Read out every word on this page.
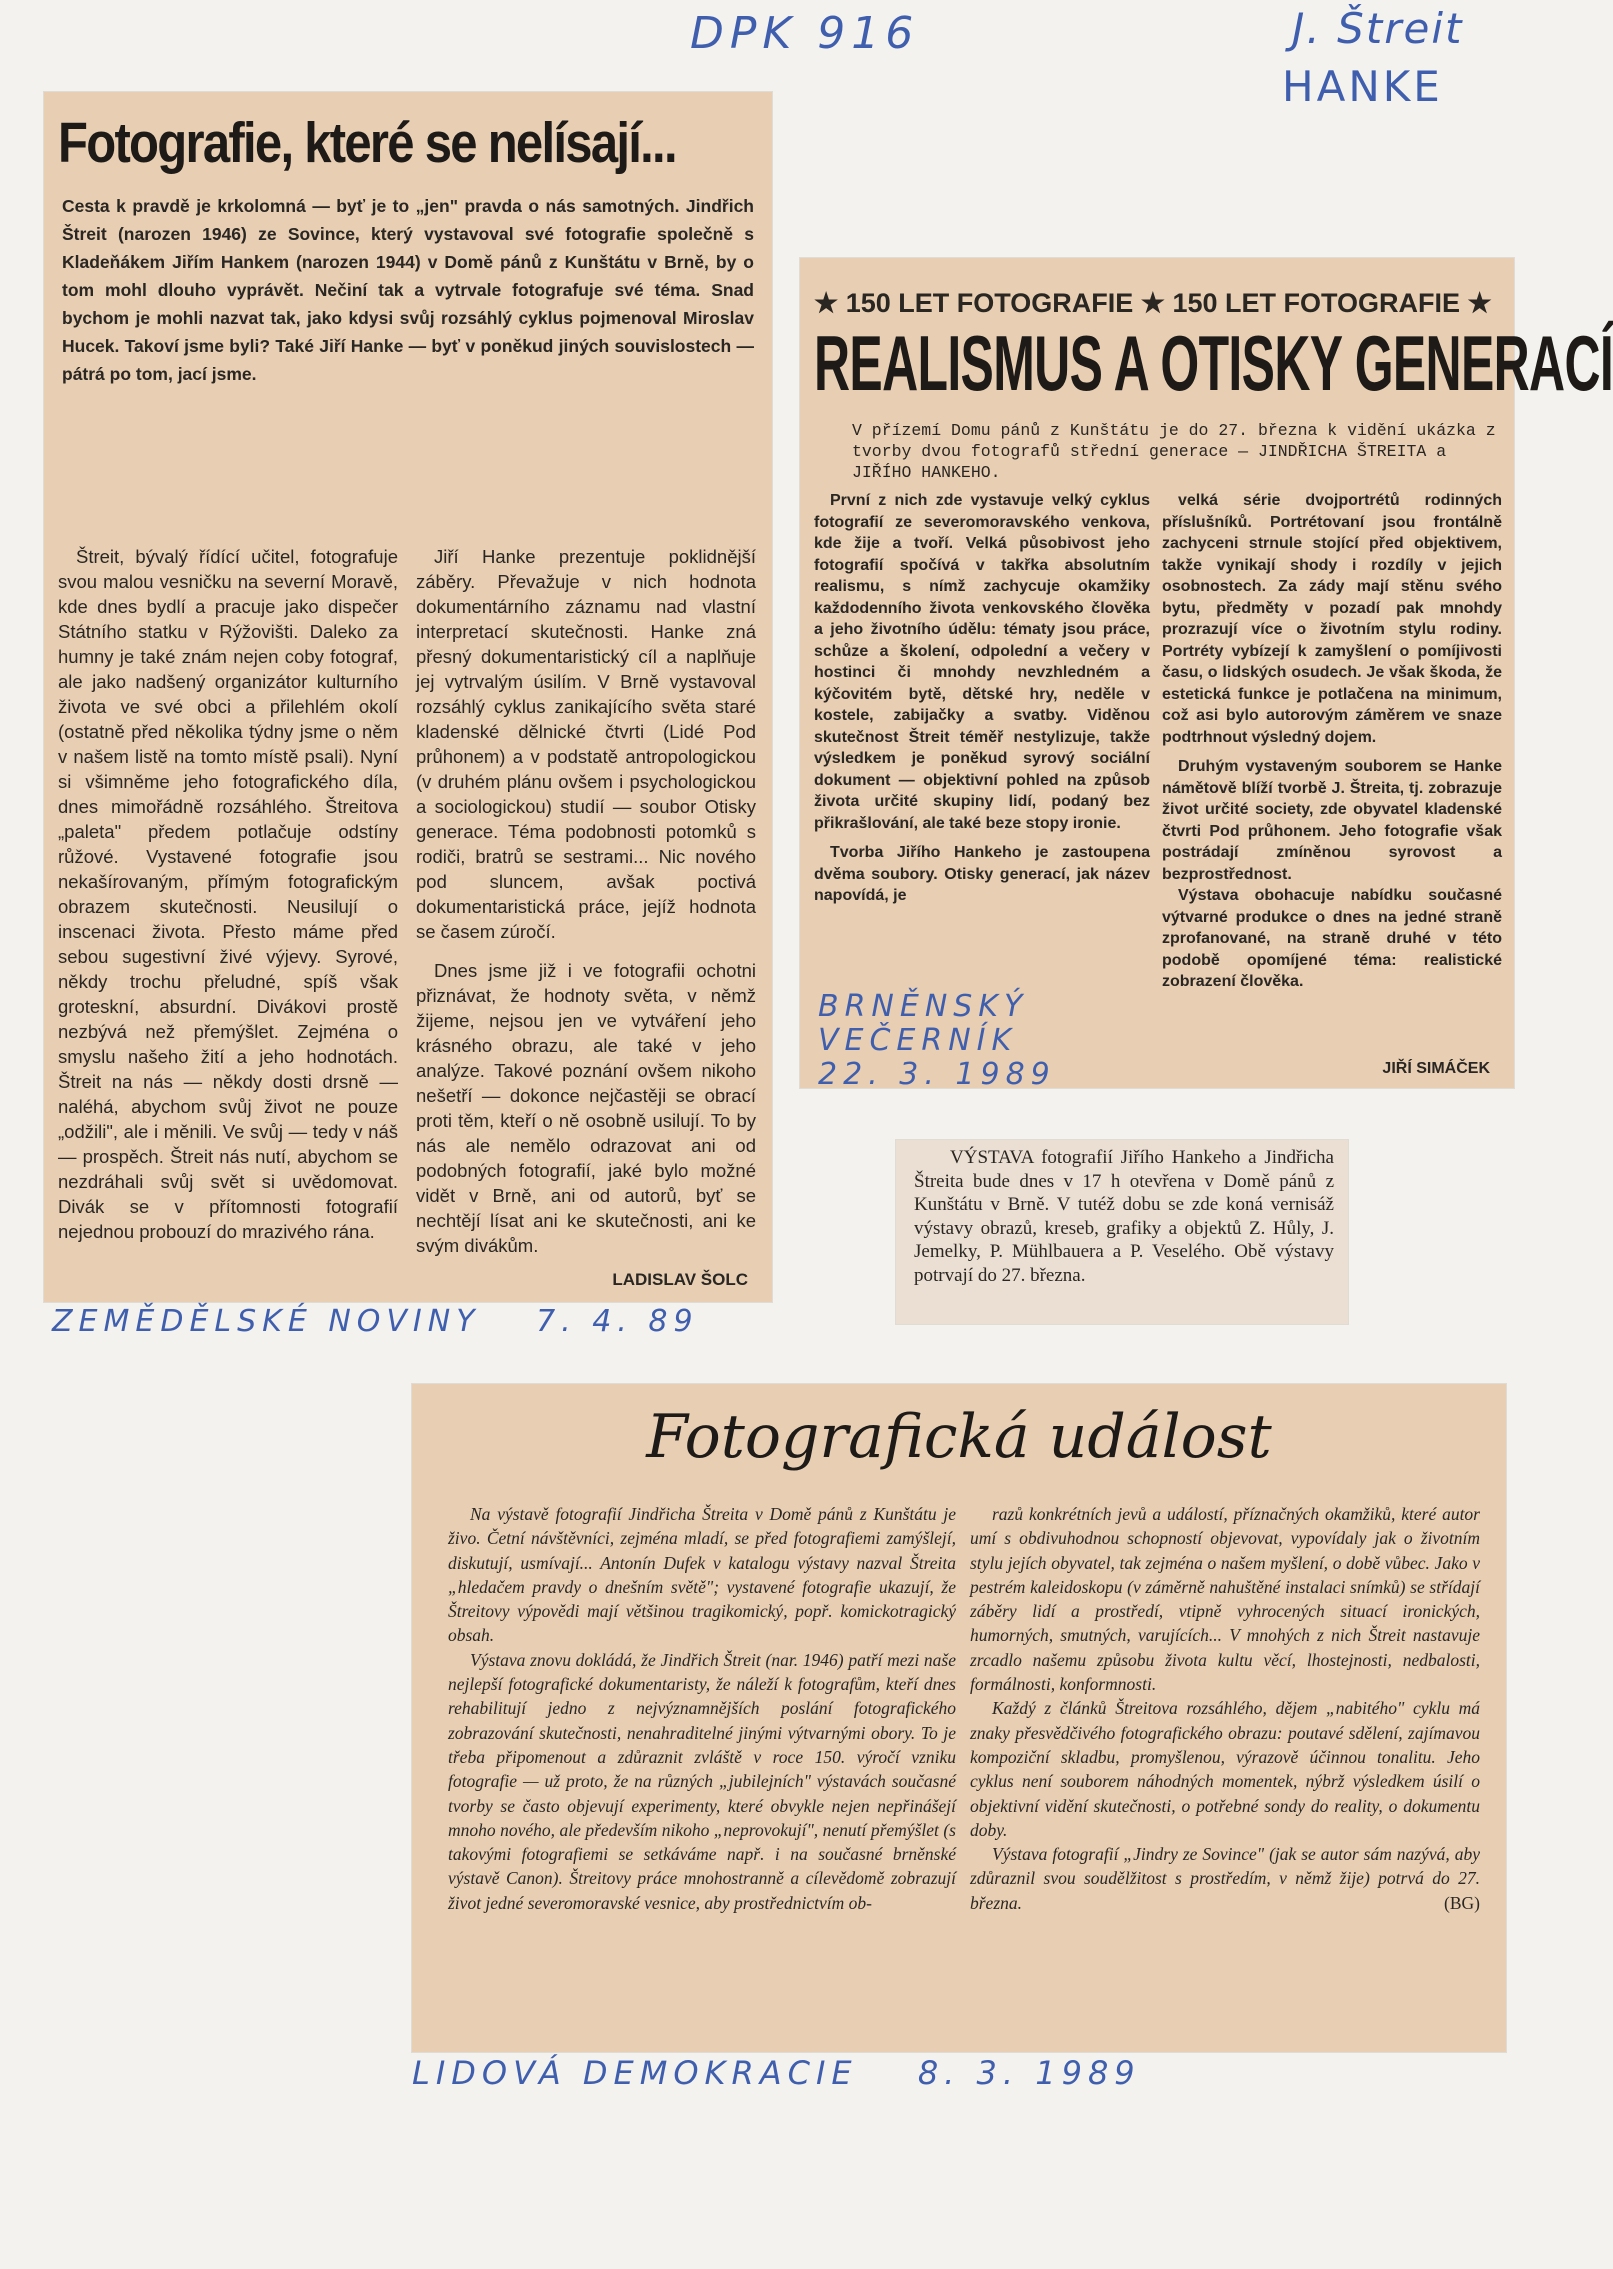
DPK 916	J. Štreit
HANKE
Fotografie, které se nelísají...

Cesta k pravdě je krkolomná — byť je to „jen" pravda o nás samotných. Jindřich Štreit (narozen 1946) ze Sovince, který vystavoval své fotografie společně s Kladeňákem Jiřím Hankem (narozen 1944) v Domě pánů z Kunštátu v Brně, by o tom mohl dlouho vyprávět. Nečiní tak a vytrvale fotografuje své téma. Snad bychom je mohli nazvat tak, jako kdysi svůj rozsáhlý cyklus pojmenoval Miroslav Hucek. Takoví jsme byli? Také Jiří Hanke — byť v poněkud jiných souvislostech — pátrá po tom, jací jsme.

Štreit, bývalý řídící učitel, fotografuje svou malou vesničku na severní Moravě, kde dnes bydlí a pracuje jako dispečer Státního statku v Rýžovišti. Daleko za humny je také znám nejen coby fotograf, ale jako nadšený organizátor kulturního života ve své obci a přilehlém okolí (ostatně před několika týdny jsme o něm v našem listě na tomto místě psali). Nyní si všimněme jeho fotografického díla, dnes mimořádně rozsáhlého. Štreitova „paleta" předem potlačuje odstíny růžové. Vystavené fotografie jsou nekašírovaným, přímým fotografickým obrazem skutečnosti. Neusilují o inscenaci života. Přesto máme před sebou sugestivní živé výjevy. Syrové, někdy trochu přeludné, spíš však groteskní, absurdní. Divákovi prostě nezbývá než přemýšlet. Zejména o smyslu našeho žití a jeho hodnotách. Štreit na nás — někdy dosti drsně — naléhá, abychom svůj život ne pouze „odžili", ale i měnili. Ve svůj — tedy v náš — prospěch. Štreit nás nutí, abychom se nezdráhali svůj svět si uvědomovat. Divák se v přítomnosti fotografií nejednou probouzí do mrazivého rána.

Jiří Hanke prezentuje poklidnější záběry. Převažuje v nich hodnota dokumentárního záznamu nad vlastní interpretací skutečnosti. Hanke zná přesný dokumentaristický cíl a naplňuje jej vytrvalým úsilím. V Brně vystavoval rozsáhlý cyklus zanikajícího světa staré kladenské dělnické čtvrti (Lidé Pod průhonem) a v podstatě antropologickou (v druhém plánu ovšem i psychologickou a sociologickou) studií — soubor Otisky generace. Téma podobnosti potomků s rodiči, bratrů se sestrami... Nic nového pod sluncem, avšak poctivá dokumentaristická práce, jejíž hodnota se časem zúročí.

Dnes jsme již i ve fotografii ochotni přiznávat, že hodnoty světa, v němž žijeme, nejsou jen ve vytváření jeho krásného obrazu, ale také v jeho analýze. Takové poznání ovšem nikoho nešetří — dokonce nejčastěji se obrací proti těm, kteří o ně osobně usilují. To by nás ale nemělo odrazovat ani od podobných fotografií, jaké bylo možné vidět v Brně, ani od autorů, byť se nechtějí lísat ani ke skutečnosti, ani ke svým divákům.

LADISLAV ŠOLC
ZEMĚDĚLSKÉ NOVINY 7. 4. 89
★ 150 LET FOTOGRAFIE ★ 150 LET FOTOGRAFIE ★
REALISMUS A OTISKY GENERACÍ

V přízemí Domu pánů z Kunštátu je do 27. března k vidění ukázka z tvorby dvou fotografů střední generace — JINDŘICHA ŠTREITA a JIŘÍHO HANKEHO.

První z nich zde vystavuje velký cyklus fotografií ze severomoravského venkova, kde žije a tvoří. Velká působivost jeho fotografií spočívá v takřka absolutním realismu, s nímž zachycuje okamžiky každodenního života venkovského člověka a jeho životního údělu: tématy jsou práce, schůze a školení, odpolední a večery v hostinci či mnohdy nevzhledném a kýčovitém bytě, dětské hry, neděle v kostele, zabijačky a svatby. Viděnou skutečnost Štreit téměř nestylizuje, takže výsledkem je poněkud syrový sociální dokument — objektivní pohled na způsob života určité skupiny lidí, podaný bez přikrašlování, ale také beze stopy ironie.

Tvorba Jiřího Hankeho je zastoupena dvěma soubory. Otisky generací, jak název napovídá, je

velká série dvojportrétů rodinných příslušníků. Portrétovaní jsou frontálně zachyceni strnule stojící před objektivem, takže vynikají shody i rozdíly v jejich osobnostech. Za zády mají stěnu svého bytu, předměty v pozadí pak mnohdy prozrazují více o životním stylu rodiny. Portréty vybízejí k zamyšlení o pomíjivosti času, o lidských osudech. Je však škoda, že estetická funkce je potlačena na minimum, což asi bylo autorovým záměrem ve snaze podtrhnout výsledný dojem.

Druhým vystaveným souborem se Hanke námětově blíží tvorbě J. Štreita, tj. zobrazuje život určité society, zde obyvatel kladenské čtvrti Pod průhonem. Jeho fotografie však postrádají zmíněnou syrovost a bezprostřednost.

Výstava obohacuje nabídku současné výtvarné produkce o dnes na jedné straně zprofanované, na straně druhé v této podobě opomíjené téma: realistické zobrazení člověka.

JIŘÍ SIMÁČEK
BRNĚNSKÝ VEČERNÍK
22. 3. 1989

VÝSTAVA fotografií Jiřího Hankeho a Jindřicha Štreita bude dnes v 17 h otevřena v Domě pánů z Kunštátu v Brně. V tutéž dobu se zde koná vernisáž výstavy obrazů, kreseb, grafiky a objektů Z. Hůly, J. Jemelky, P. Mühlbauera a P. Veselého. Obě výstavy potrvají do 27. března.

Fotografická událost

Na výstavě fotografií Jindřicha Štreita v Domě pánů z Kunštátu je živo. Četní návštěvníci, zejména mladí, se před fotografiemi zamýšlejí, diskutují, usmívají... Antonín Dufek v katalogu výstavy nazval Štreita „hledačem pravdy o dnešním světě"; vystavené fotografie ukazují, že Štreitovy výpovědi mají většinou tragikomický, popř. komickotragický obsah.

Výstava znovu dokládá, že Jindřich Štreit (nar. 1946) patří mezi naše nejlepší fotografické dokumentaristy, že náleží k fotografům, kteří dnes rehabilitují jedno z nejvýznamnějších poslání fotografického zobrazování skutečnosti, nenahraditelné jinými výtvarnými obory. To je třeba připomenout a zdůraznit zvláště v roce 150. výročí vzniku fotografie — už proto, že na různých „jubilejních" výstavách současné tvorby se často objevují experimenty, které obvykle nejen nepřinášejí mnoho nového, ale především nikoho „neprovokují", nenutí přemýšlet (s takovými fotografiemi se setkáváme např. i na současné brněnské výstavě Canon). Štreitovy práce mnohostranně a cílevědomě zobrazují život jedné severomoravské vesnice, aby prostřednictvím ob-

razů konkrétních jevů a událostí, příznačných okamžiků, které autor umí s obdivuhodnou schopností objevovat, vypovídaly jak o životním stylu jejích obyvatel, tak zejména o našem myšlení, o době vůbec. Jako v pestrém kaleidoskopu (v záměrně nahuštěné instalaci snímků) se střídají záběry lidí a prostředí, vtipně vyhrocených situací ironických, humorných, smutných, varujících... V mnohých z nich Štreit nastavuje zrcadlo našemu způsobu života kultu věcí, lhostejnosti, nedbalosti, formálnosti, konformnosti.

Každý z článků Štreitova rozsáhlého, dějem „nabitého" cyklu má znaky přesvědčivého fotografického obrazu: poutavé sdělení, zajímavou kompoziční skladbu, promyšlenou, výrazově účinnou tonalitu. Jeho cyklus není souborem náhodných momentek, nýbrž výsledkem úsilí o objektivní vidění skutečnosti, o potřebné sondy do reality, o dokumentu doby.

Výstava fotografií „Jindry ze Sovince" (jak se autor sám nazývá, aby zdůraznil svou soudělžitost s prostředím, v němž žije) potrvá do 27. března.	(BG)

LIDOVÁ DEMOKRACIE 8. 3. 1989
